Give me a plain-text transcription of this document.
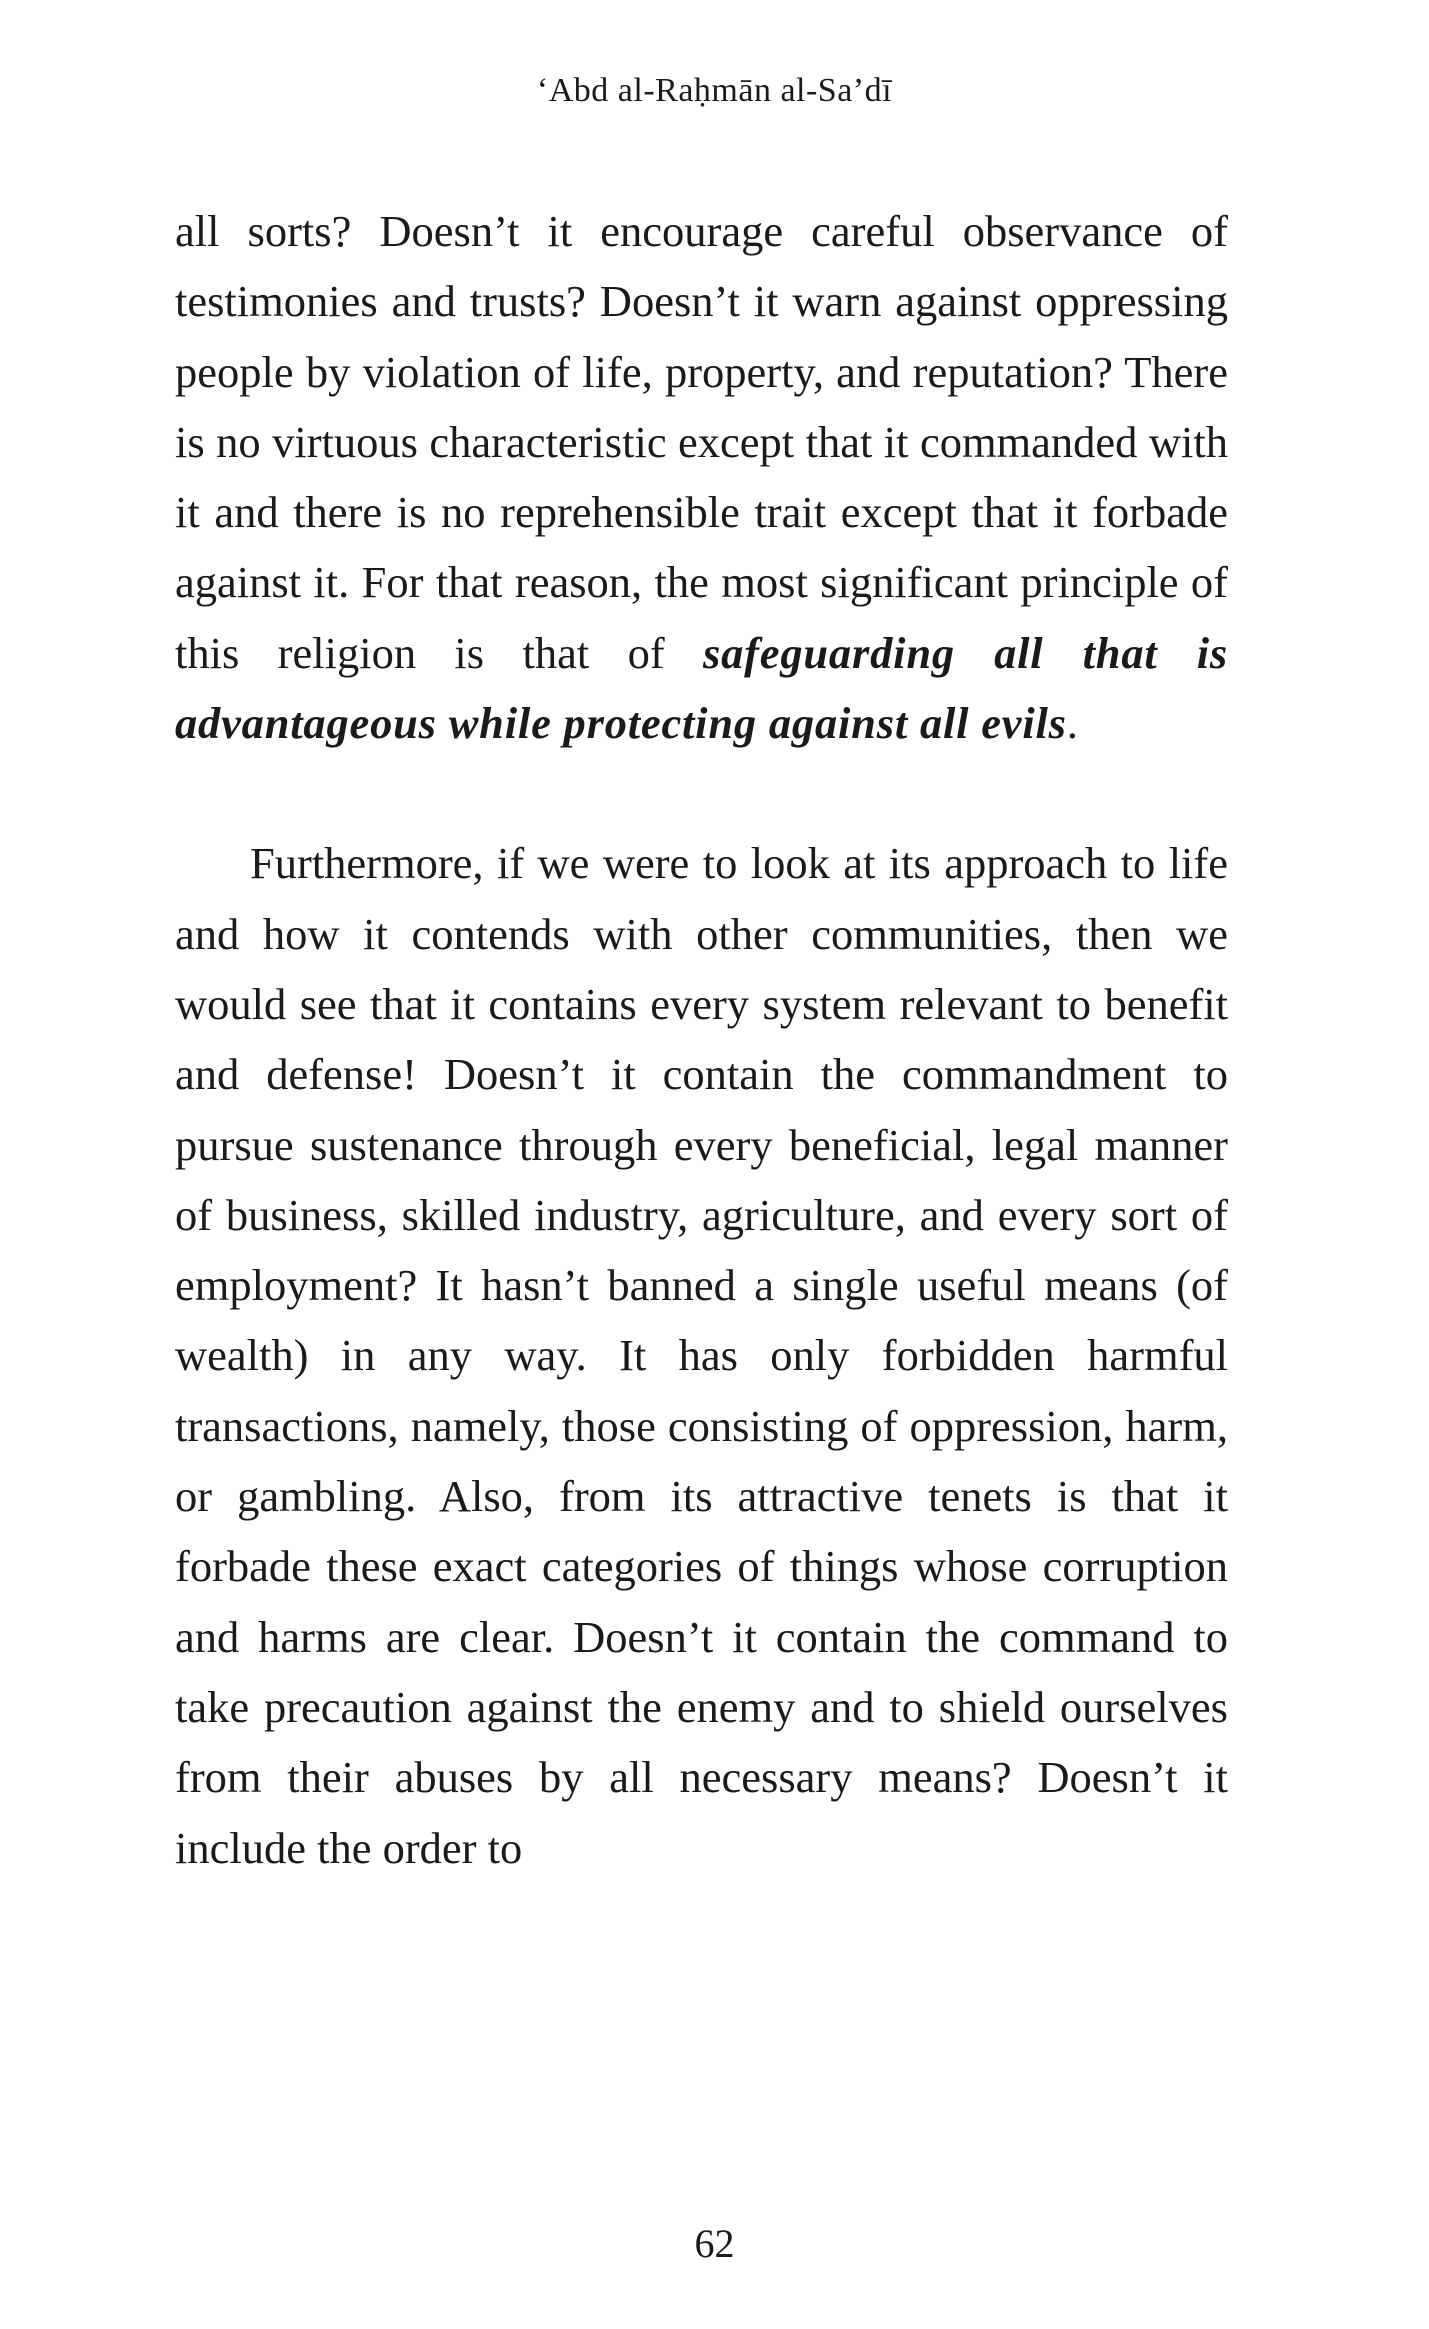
‘Abd al-Raḥmān al-Sa’dī

all sorts? Doesn’t it encourage careful observance of testimonies and trusts? Doesn’t it warn against oppressing people by violation of life, property, and reputation? There is no virtuous characteristic except that it commanded with it and there is no reprehensible trait except that it forbade against it. For that reason, the most significant principle of this religion is that of safeguarding all that is advantageous while protecting against all evils.

Furthermore, if we were to look at its approach to life and how it contends with other communities, then we would see that it contains every system relevant to benefit and defense! Doesn’t it contain the commandment to pursue sustenance through every beneficial, legal manner of business, skilled industry, agriculture, and every sort of employment? It hasn’t banned a single useful means (of wealth) in any way. It has only forbidden harmful transactions, namely, those consisting of oppression, harm, or gambling. Also, from its attractive tenets is that it forbade these exact categories of things whose corruption and harms are clear. Doesn’t it contain the command to take precaution against the enemy and to shield ourselves from their abuses by all necessary means? Doesn’t it include the order to

62
